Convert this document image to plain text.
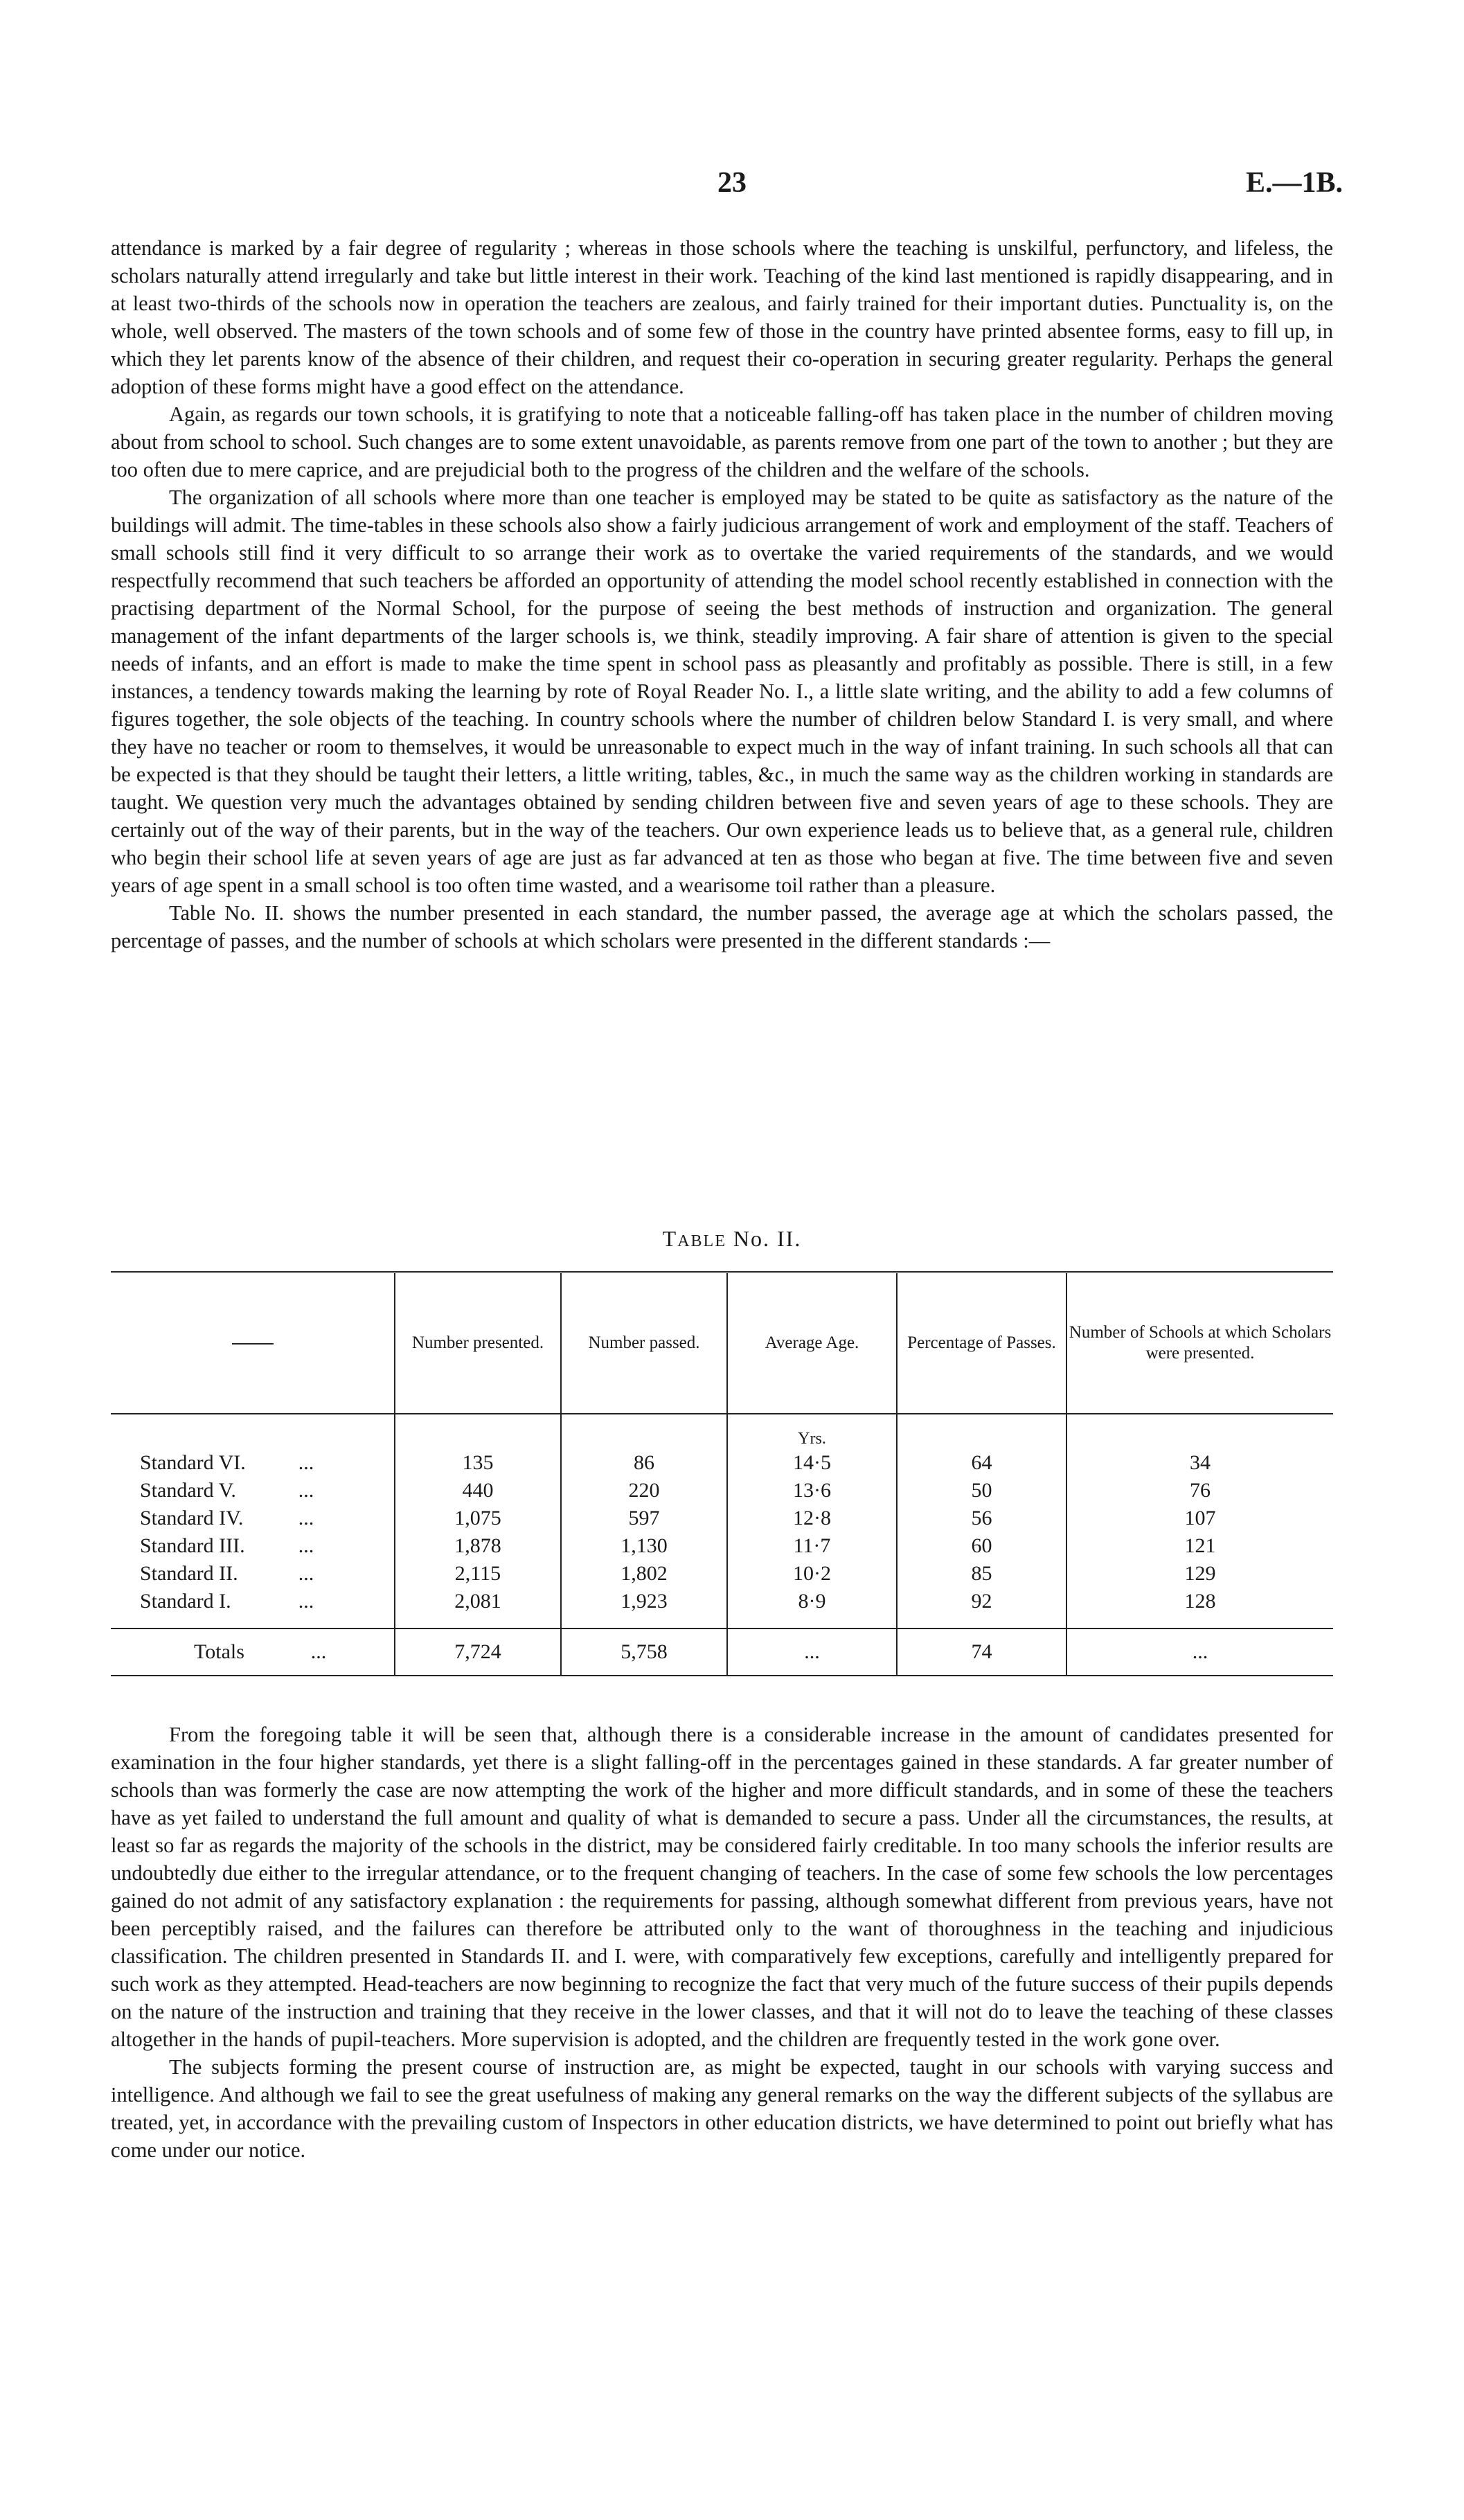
23	E.—1B.

attendance is marked by a fair degree of regularity ; whereas in those schools where the teaching is unskilful, perfunctory, and lifeless, the scholars naturally attend irregularly and take but little interest in their work. Teaching of the kind last mentioned is rapidly disappearing, and in at least two-thirds of the schools now in operation the teachers are zealous, and fairly trained for their important duties. Punctuality is, on the whole, well observed. The masters of the town schools and of some few of those in the country have printed absentee forms, easy to fill up, in which they let parents know of the absence of their children, and request their co-operation in securing greater regularity. Perhaps the general adoption of these forms might have a good effect on the attendance.

Again, as regards our town schools, it is gratifying to note that a noticeable falling-off has taken place in the number of children moving about from school to school. Such changes are to some extent unavoidable, as parents remove from one part of the town to another ; but they are too often due to mere caprice, and are prejudicial both to the progress of the children and the welfare of the schools.

The organization of all schools where more than one teacher is employed may be stated to be quite as satisfactory as the nature of the buildings will admit. The time-tables in these schools also show a fairly judicious arrangement of work and employment of the staff. Teachers of small schools still find it very difficult to so arrange their work as to overtake the varied requirements of the standards, and we would respectfully recommend that such teachers be afforded an opportunity of attending the model school recently established in connection with the practising department of the Normal School, for the purpose of seeing the best methods of instruction and organization. The general management of the infant departments of the larger schools is, we think, steadily improving. A fair share of attention is given to the special needs of infants, and an effort is made to make the time spent in school pass as pleasantly and profitably as possible. There is still, in a few instances, a tendency towards making the learning by rote of Royal Reader No. I., a little slate writing, and the ability to add a few columns of figures together, the sole objects of the teaching. In country schools where the number of children below Standard I. is very small, and where they have no teacher or room to themselves, it would be unreasonable to expect much in the way of infant training. In such schools all that can be expected is that they should be taught their letters, a little writing, tables, &c., in much the same way as the children working in standards are taught. We question very much the advantages obtained by sending children between five and seven years of age to these schools. They are certainly out of the way of their parents, but in the way of the teachers. Our own experience leads us to believe that, as a general rule, children who begin their school life at seven years of age are just as far advanced at ten as those who began at five. The time between five and seven years of age spent in a small school is too often time wasted, and a wearisome toil rather than a pleasure.

Table No. II. shows the number presented in each standard, the number passed, the average age at which the scholars passed, the percentage of passes, and the number of schools at which scholars were presented in the different standards :—

TABLE No. II.
	Number presented.	Number passed.	Average Age.	Percentage of Passes.	Number of Schools at which Scholars were presented.
			Yrs.		
Standard VI. ...	135	86	14·5	64	34
Standard V. ...	440	220	13·6	50	76
Standard IV. ...	1,075	597	12·8	56	107
Standard III. ...	1,878	1,130	11·7	60	121
Standard II. ...	2,115	1,802	10·2	85	129
Standard I. ...	2,081	1,923	8·9	92	128
Totals ...	7,724	5,758	...	74	...

From the foregoing table it will be seen that, although there is a considerable increase in the amount of candidates presented for examination in the four higher standards, yet there is a slight falling-off in the percentages gained in these standards. A far greater number of schools than was formerly the case are now attempting the work of the higher and more difficult standards, and in some of these the teachers have as yet failed to understand the full amount and quality of what is demanded to secure a pass. Under all the circumstances, the results, at least so far as regards the majority of the schools in the district, may be considered fairly creditable. In too many schools the inferior results are undoubtedly due either to the irregular attendance, or to the frequent changing of teachers. In the case of some few schools the low percentages gained do not admit of any satisfactory explanation : the requirements for passing, although somewhat different from previous years, have not been perceptibly raised, and the failures can therefore be attributed only to the want of thoroughness in the teaching and injudicious classification. The children presented in Standards II. and I. were, with comparatively few exceptions, carefully and intelligently prepared for such work as they attempted. Head-teachers are now beginning to recognize the fact that very much of the future success of their pupils depends on the nature of the instruction and training that they receive in the lower classes, and that it will not do to leave the teaching of these classes altogether in the hands of pupil-teachers. More supervision is adopted, and the children are frequently tested in the work gone over.

The subjects forming the present course of instruction are, as might be expected, taught in our schools with varying success and intelligence. And although we fail to see the great usefulness of making any general remarks on the way the different subjects of the syllabus are treated, yet, in accordance with the prevailing custom of Inspectors in other education districts, we have determined to point out briefly what has come under our notice.
